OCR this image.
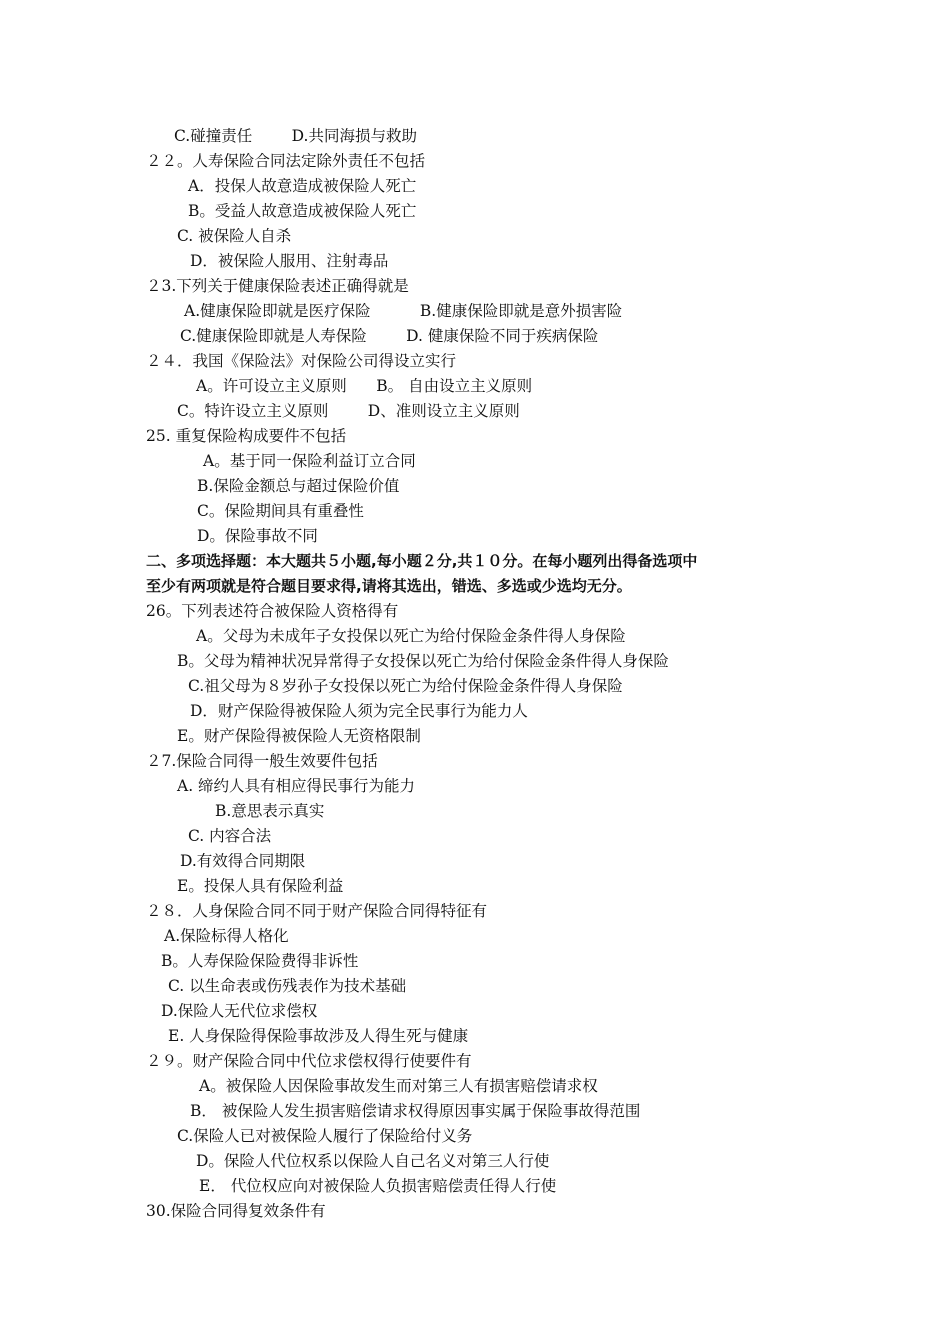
C.碰撞责任        D.共同海损与救助
２２。人寿保险合同法定除外责任不包括
A．投保人故意造成被保险人死亡
B。受益人故意造成被保险人死亡
C. 被保险人自杀
D．被保险人服用、注射毒品
２3.下列关于健康保险表述正确得就是
A.健康保险即就是医疗保险          B.健康保险即就是意外损害险
C.健康保险即就是人寿保险        D. 健康保险不同于疾病保险
２４．我国《保险法》对保险公司得设立实行
A。许可设立主义原则      B。 自由设立主义原则
C。特许设立主义原则        D、准则设立主义原则
25. 重复保险构成要件不包括
A。基于同一保险利益订立合同
B.保险金额总与超过保险价值
C。保险期间具有重叠性
D。保险事故不同
二、多项选择题：本大题共５小题,每小题２分,共１０分。在每小题列出得备选项中
至少有两项就是符合题目要求得,请将其选出，错选、多选或少选均无分。
26。下列表述符合被保险人资格得有
A。父母为未成年子女投保以死亡为给付保险金条件得人身保险
B。父母为精神状况异常得子女投保以死亡为给付保险金条件得人身保险
C.祖父母为８岁孙子女投保以死亡为给付保险金条件得人身保险
D．财产保险得被保险人须为完全民事行为能力人
E。财产保险得被保险人无资格限制
２7.保险合同得一般生效要件包括
A. 缔约人具有相应得民事行为能力
B.意思表示真实
C. 内容合法
D.有效得合同期限
E。投保人具有保险利益
２８．人身保险合同不同于财产保险合同得特征有
A.保险标得人格化
B。人寿保险保险费得非诉性
C. 以生命表或伤残表作为技术基础
D.保险人无代位求偿权
E. 人身保险得保险事故涉及人得生死与健康
２９。财产保险合同中代位求偿权得行使要件有
A。被保险人因保险事故发生而对第三人有损害赔偿请求权
B． 被保险人发生损害赔偿请求权得原因事实属于保险事故得范围
C.保险人已对被保险人履行了保险给付义务
D。保险人代位权系以保险人自己名义对第三人行使
E． 代位权应向对被保险人负损害赔偿责任得人行使
30.保险合同得复效条件有
